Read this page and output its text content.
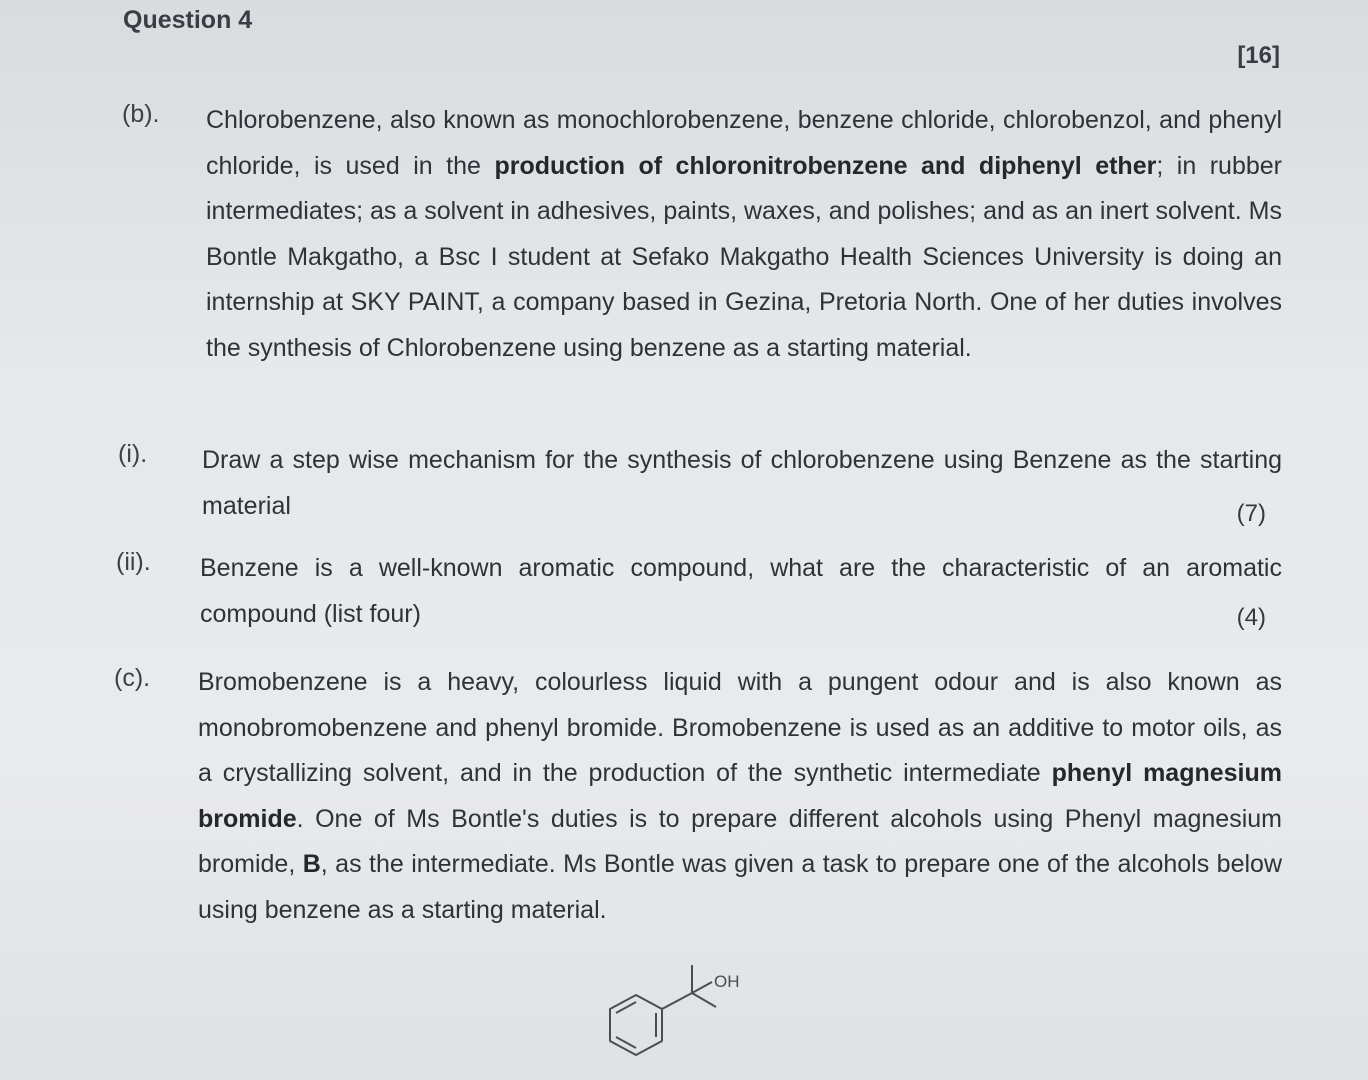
Question 4
[16]
(b).	Chlorobenzene, also known as monochlorobenzene, benzene chloride, chlorobenzol, and phenyl chloride, is used in the production of chloronitrobenzene and diphenyl ether; in rubber intermediates; as a solvent in adhesives, paints, waxes, and polishes; and as an inert solvent. Ms Bontle Makgatho, a Bsc I student at Sefako Makgatho Health Sciences University is doing an internship at SKY PAINT, a company based in Gezina, Pretoria North. One of her duties involves the synthesis of Chlorobenzene using benzene as a starting material.
(i).	Draw a step wise mechanism for the synthesis of chlorobenzene using Benzene as the starting material	(7)
(ii).	Benzene is a well-known aromatic compound, what are the characteristic of an aromatic compound (list four)	(4)
(c).	Bromobenzene is a heavy, colourless liquid with a pungent odour and is also known as monobromobenzene and phenyl bromide. Bromobenzene is used as an additive to motor oils, as a crystallizing solvent, and in the production of the synthetic intermediate phenyl magnesium bromide. One of Ms Bontle's duties is to prepare different alcohols using Phenyl magnesium bromide, B, as the intermediate. Ms Bontle was given a task to prepare one of the alcohols below using benzene as a starting material.
OH
